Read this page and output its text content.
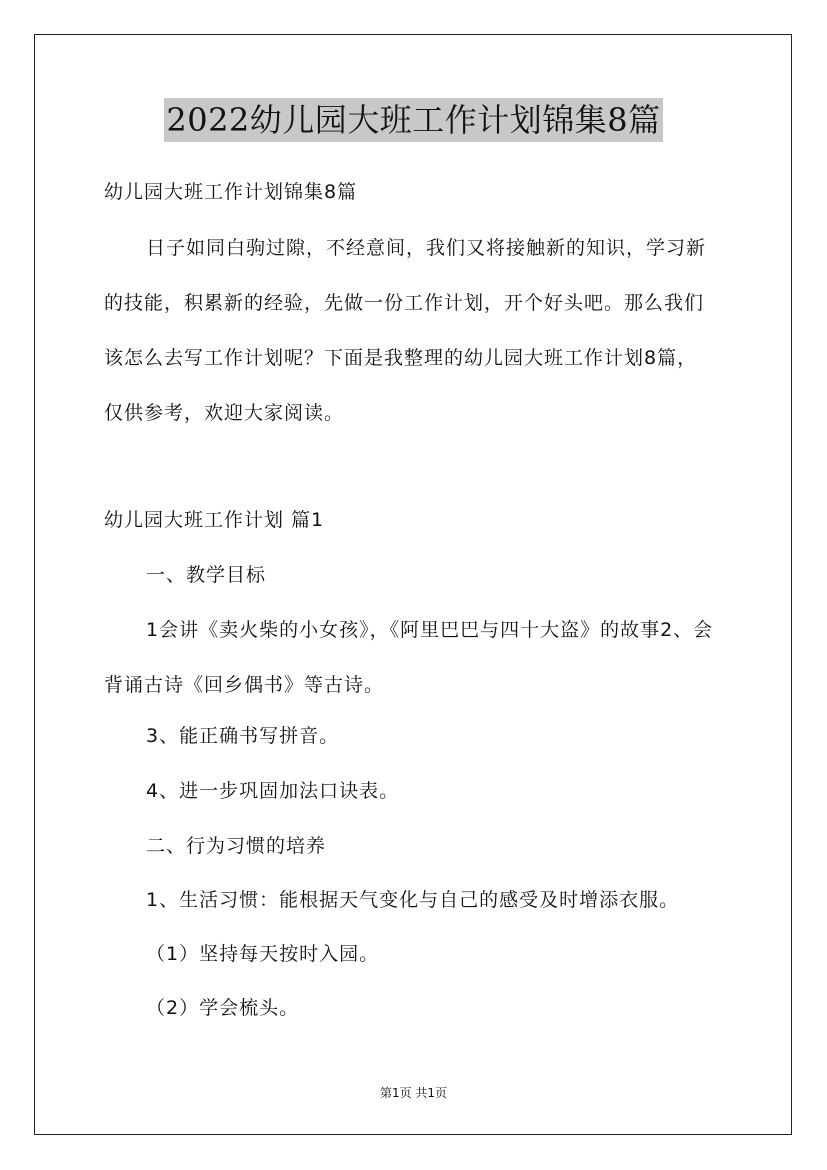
2022幼儿园大班工作计划锦集8篇
幼儿园大班工作计划锦集8篇
日子如同白驹过隙，不经意间，我们又将接触新的知识，学习新
的技能，积累新的经验，先做一份工作计划，开个好头吧。那么我们
该怎么去写工作计划呢？下面是我整理的幼儿园大班工作计划8篇，
仅供参考，欢迎大家阅读。
幼儿园大班工作计划 篇1
一、教学目标
1会讲《卖火柴的小女孩》，《阿里巴巴与四十大盗》的故事2、会
背诵古诗《回乡偶书》等古诗。
3、能正确书写拼音。
4、进一步巩固加法口诀表。
二、行为习惯的培养
1、生活习惯：能根据天气变化与自己的感受及时增添衣服。
（1）坚持每天按时入园。
（2）学会梳头。
第1页 共1页
